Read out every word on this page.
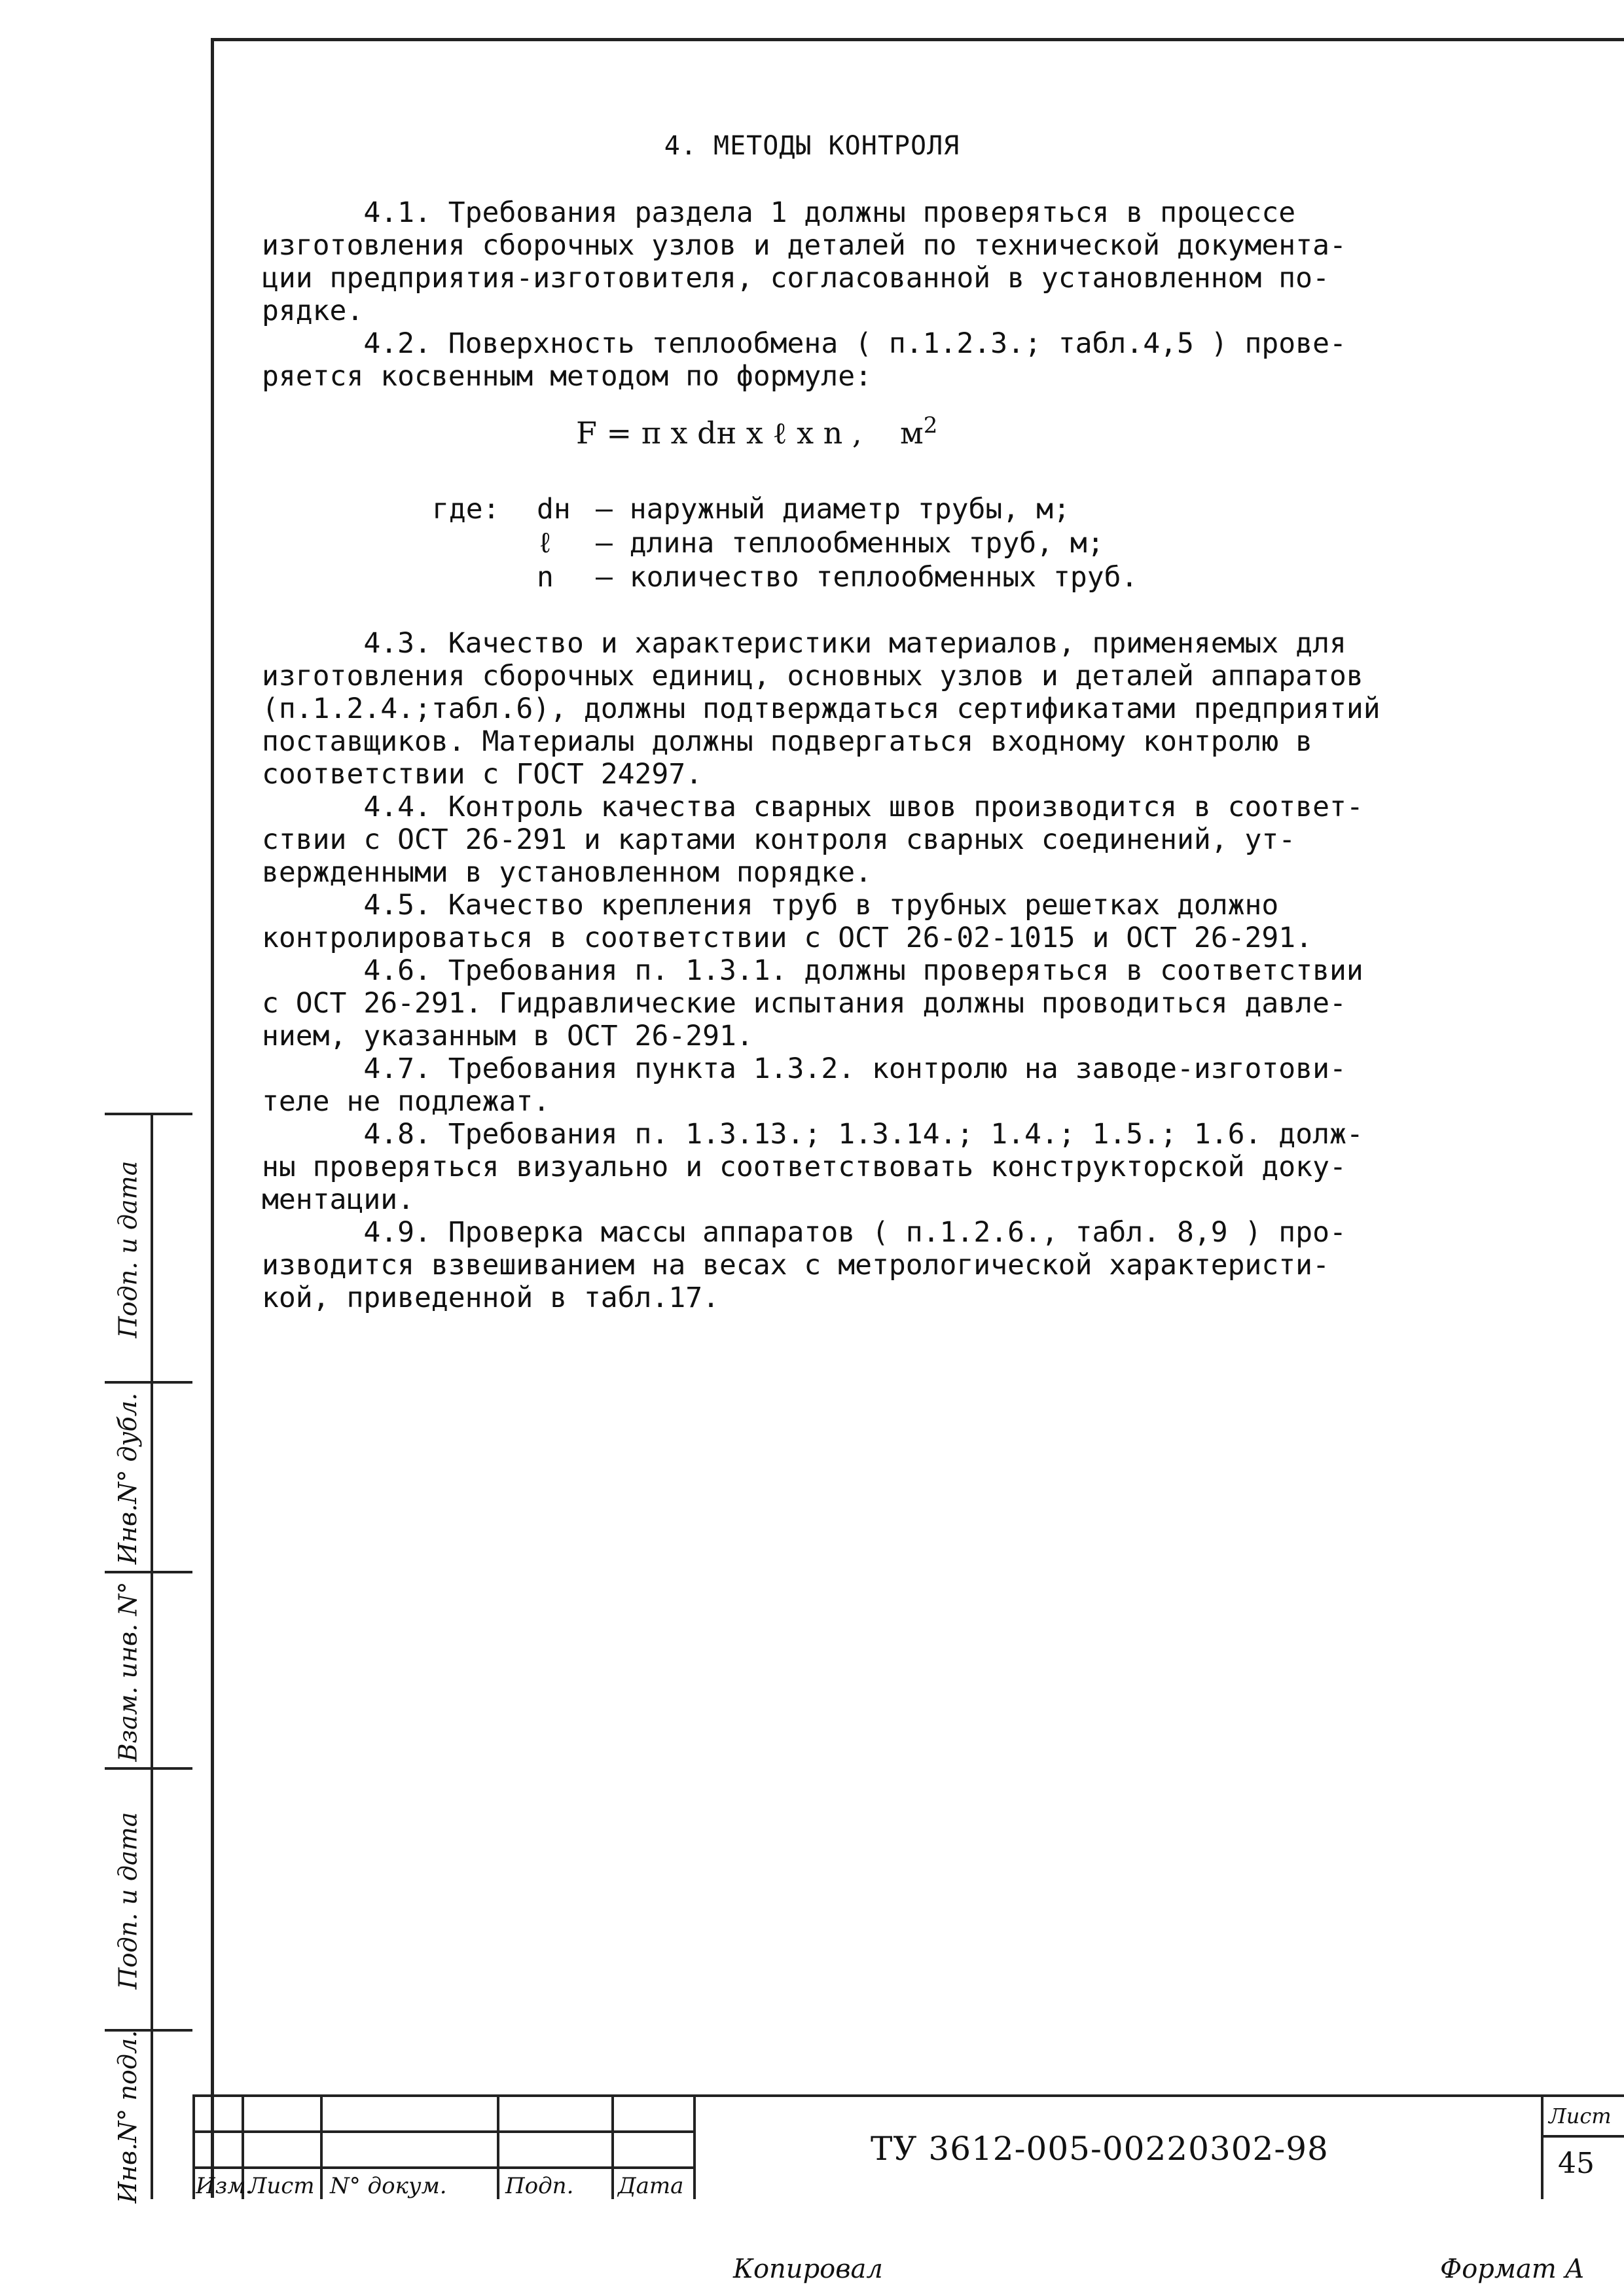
4. МЕТОДЫ КОНТРОЛЯ
4.1. Требования раздела 1 должны проверяться в процессе
изготовления сборочных узлов и деталей по технической документа-
ции предприятия-изготовителя, согласованной в установленном по-
рядке.
4.2. Поверхность теплообмена ( п.1.2.3.; табл.4,5 ) прове-
ряется косвенным методом по формуле:
F = π x dн x ℓ x n , $м^2$
где:	dн – наружный диаметр трубы, м;
ℓ	– длина теплообменных труб, м;
n	– количество теплообменных труб.
4.3. Качество и характеристики материалов, применяемых для
изготовления сборочных единиц, основных узлов и деталей аппаратов
(п.1.2.4.;табл.6), должны подтверждаться сертификатами предприятий
поставщиков. Материалы должны подвергаться входному контролю в
соответствии с ГОСТ 24297.
4.4. Контроль качества сварных швов производится в соответ-
ствии с ОСТ 26-291 и картами контроля сварных соединений, ут-
вержденными в установленном порядке.
4.5. Качество крепления труб в трубных решетках должно
контролироваться в соответствии с ОСТ 26-02-1015 и ОСТ 26-291.
4.6. Требования п. 1.3.1. должны проверяться в соответствии
с ОСТ 26-291. Гидравлические испытания должны проводиться давле-
нием, указанным в ОСТ 26-291.
4.7. Требования пункта 1.3.2. контролю на заводе-изготови-
теле не подлежат.
4.8. Требования п. 1.3.13.; 1.3.14.; 1.4.; 1.5.; 1.6. долж-
ны проверяться визуально и соответствовать конструкторской доку-
ментации.
4.9. Проверка массы аппаратов ( п.1.2.6., табл. 8,9 ) про-
изводится взвешиванием на весах с метрологической характеристи-
кой, приведенной в табл.17.
Подп. и дата
Инв.N° дубл.
Взам. инв. N°
Подп. и дата
Инв.N° подл. Изм.
Лист N° докум.	Подп. Дата
ТУ 3612-005-00220302-98
Лист
45
Копировал	Формат А
